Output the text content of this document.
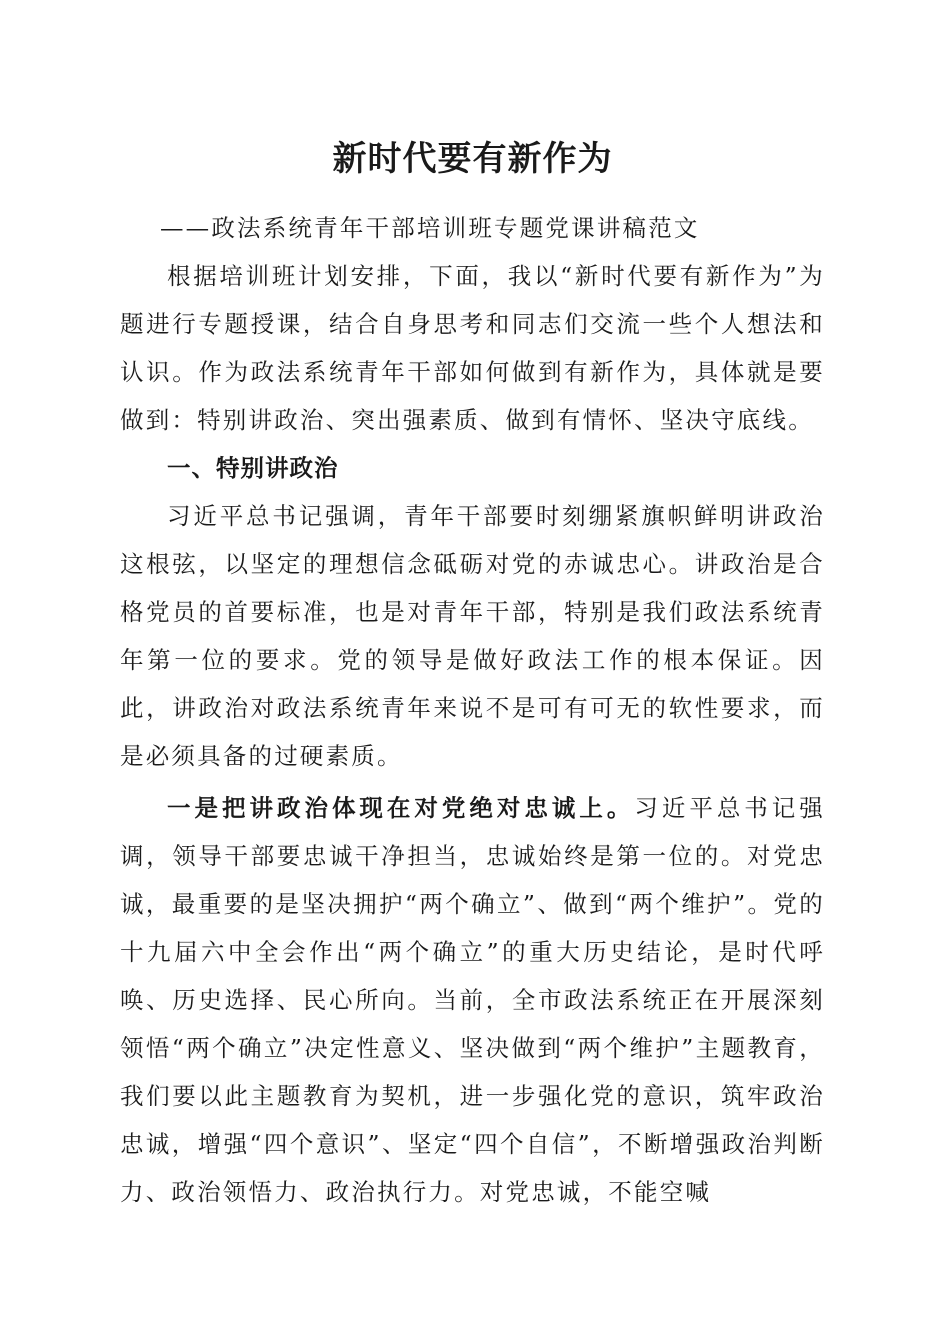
新时代要有新作为

——政法系统青年干部培训班专题党课讲稿范文

根据培训班计划安排，下面，我以“新时代要有新作为”为题进行专题授课，结合自身思考和同志们交流一些个人想法和认识。作为政法系统青年干部如何做到有新作为，具体就是要做到：特别讲政治、突出强素质、做到有情怀、坚决守底线。

一、特别讲政治

习近平总书记强调，青年干部要时刻绷紧旗帜鲜明讲政治这根弦，以坚定的理想信念砥砺对党的赤诚忠心。讲政治是合格党员的首要标准，也是对青年干部，特别是我们政法系统青年第一位的要求。党的领导是做好政法工作的根本保证。因此，讲政治对政法系统青年来说不是可有可无的软性要求，而是必须具备的过硬素质。

一是把讲政治体现在对党绝对忠诚上。习近平总书记强调，领导干部要忠诚干净担当，忠诚始终是第一位的。对党忠诚，最重要的是坚决拥护“两个确立”、做到“两个维护”。党的十九届六中全会作出“两个确立”的重大历史结论，是时代呼唤、历史选择、民心所向。当前，全市政法系统正在开展深刻领悟“两个确立”决定性意义、坚决做到“两个维护”主题教育，我们要以此主题教育为契机，进一步强化党的意识，筑牢政治忠诚，增强“四个意识”、坚定“四个自信”，不断增强政治判断力、政治领悟力、政治执行力。对党忠诚，不能空喊
